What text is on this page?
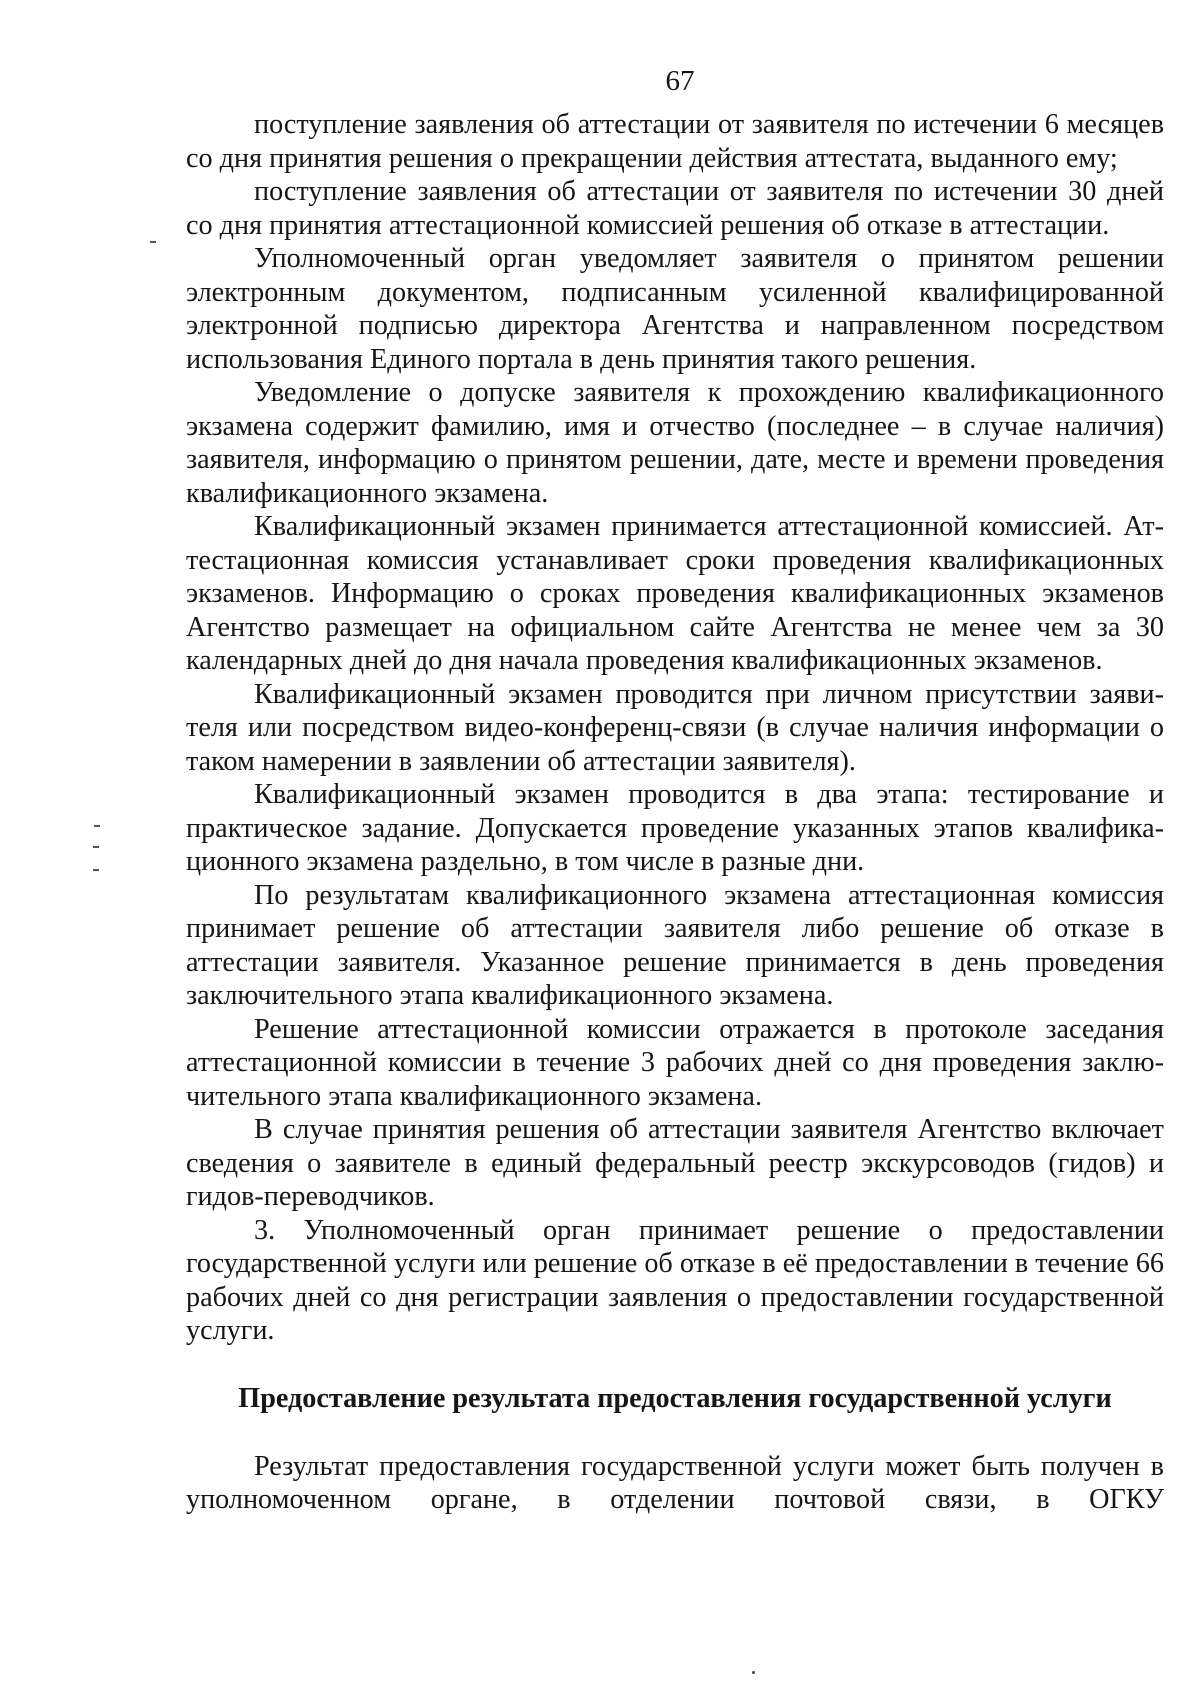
67

поступление заявления об аттестации от заявителя по истечении 6 месяцев со дня принятия решения о прекращении действия аттестата, выданного ему;

поступление заявления об аттестации от заявителя по истечении 30 дней со дня принятия аттестационной комиссией решения об отказе в аттестации.

Уполномоченный орган уведомляет заявителя о принятом решении электронным документом, подписанным усиленной квалифицированной электронной подписью директора Агентства и направленном посредством использования Единого портала в день принятия такого решения.

Уведомление о допуске заявителя к прохождению квалификационного экзамена содержит фамилию, имя и отчество (последнее – в случае наличия) заявителя, информацию о принятом решении, дате, месте и времени проведения квалификационного экзамена.

Квалификационный экзамен принимается аттестационной комиссией. Аттестационная комиссия устанавливает сроки проведения квалификационных экзаменов. Информацию о сроках проведения квалификационных экзаменов Агентство размещает на официальном сайте Агентства не менее чем за 30 календарных дней до дня начала проведения квалификационных экзаменов.

Квалификационный экзамен проводится при личном присутствии заявителя или посредством видео-конференц-связи (в случае наличия информации о таком намерении в заявлении об аттестации заявителя).

Квалификационный экзамен проводится в два этапа: тестирование и практическое задание. Допускается проведение указанных этапов квалификационного экзамена раздельно, в том числе в разные дни.

По результатам квалификационного экзамена аттестационная комиссия принимает решение об аттестации заявителя либо решение об отказе в аттестации заявителя. Указанное решение принимается в день проведения заключительного этапа квалификационного экзамена.

Решение аттестационной комиссии отражается в протоколе заседания аттестационной комиссии в течение 3 рабочих дней со дня проведения заключительного этапа квалификационного экзамена.

В случае принятия решения об аттестации заявителя Агентство включает сведения о заявителе в единый федеральный реестр экскурсоводов (гидов) и гидов-переводчиков.

3. Уполномоченный орган принимает решение о предоставлении государственной услуги или решение об отказе в её предоставлении в течение 66 рабочих дней со дня регистрации заявления о предоставлении государственной услуги.

Предоставление результата предоставления государственной услуги

Результат предоставления государственной услуги может быть получен в уполномоченном органе, в отделении почтовой связи, в ОГКУ
